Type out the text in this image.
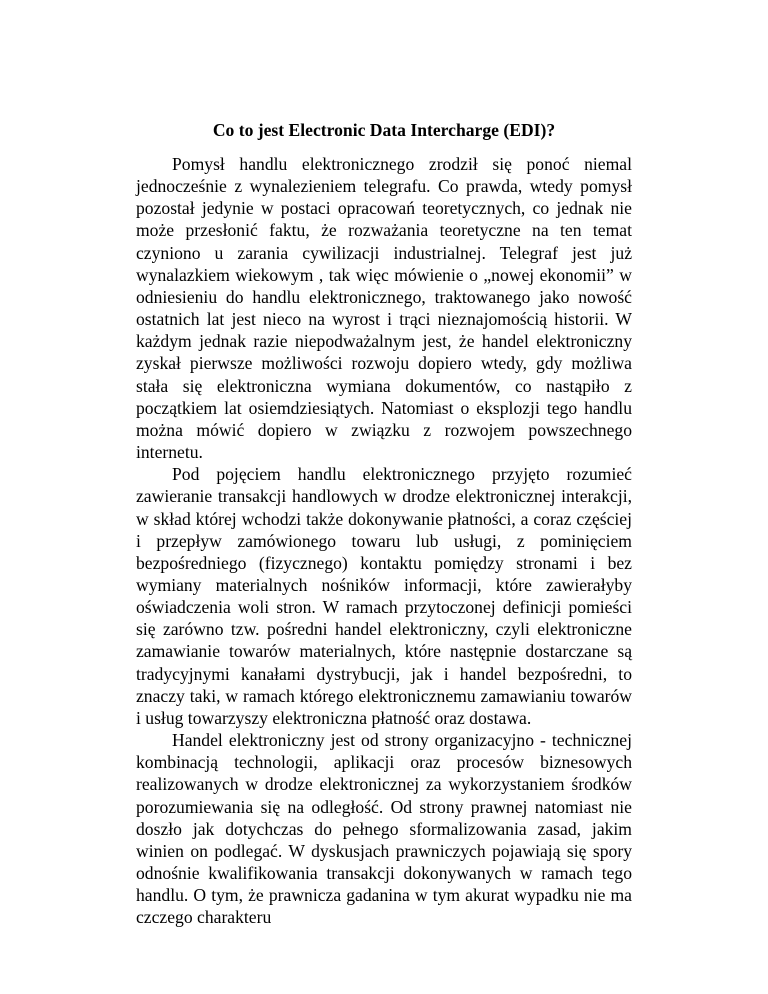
Co to jest Electronic Data Intercharge (EDI)?

Pomysł handlu elektronicznego zrodził się ponoć niemal jednocześnie z wynalezieniem telegrafu. Co prawda, wtedy pomysł pozostał jedynie w postaci opracowań teoretycznych, co jednak nie może przesłonić faktu, że rozważania teoretyczne na ten temat czyniono u zarania cywilizacji industrialnej. Telegraf jest już wynalazkiem wiekowym , tak więc mówienie o „nowej ekonomii” w odniesieniu do handlu elektronicznego, traktowanego jako nowość ostatnich lat jest nieco na wyrost i trąci nieznajomością historii. W każdym jednak razie niepodważalnym jest, że handel elektroniczny zyskał pierwsze możliwości rozwoju dopiero wtedy, gdy możliwa stała się elektroniczna wymiana dokumentów, co nastąpiło z początkiem lat osiemdziesiątych. Natomiast o eksplozji tego handlu można mówić dopiero w związku z rozwojem powszechnego internetu.

Pod pojęciem handlu elektronicznego przyjęto rozumieć zawieranie transakcji handlowych w drodze elektronicznej interakcji, w skład której wchodzi także dokonywanie płatności, a coraz częściej i przepływ zamówionego towaru lub usługi, z pominięciem bezpośredniego (fizycznego) kontaktu pomiędzy stronami i bez wymiany materialnych nośników informacji, które zawierałyby oświadczenia woli stron. W ramach przytoczonej definicji pomieści się zarówno tzw. pośredni handel elektroniczny, czyli elektroniczne zamawianie towarów materialnych, które następnie dostarczane są tradycyjnymi kanałami dystrybucji, jak i handel bezpośredni, to znaczy taki, w ramach którego elektronicznemu zamawianiu towarów i usług towarzyszy elektroniczna płatność oraz dostawa.

Handel elektroniczny jest od strony organizacyjno - technicznej kombinacją technologii, aplikacji oraz procesów biznesowych realizowanych w drodze elektronicznej za wykorzystaniem środków porozumiewania się na odległość. Od strony prawnej natomiast nie doszło jak dotychczas do pełnego sformalizowania zasad, jakim winien on podlegać. W dyskusjach prawniczych pojawiają się spory odnośnie kwalifikowania transakcji dokonywanych w ramach tego handlu. O tym, że prawnicza gadanina w tym akurat wypadku nie ma czczego charakteru
